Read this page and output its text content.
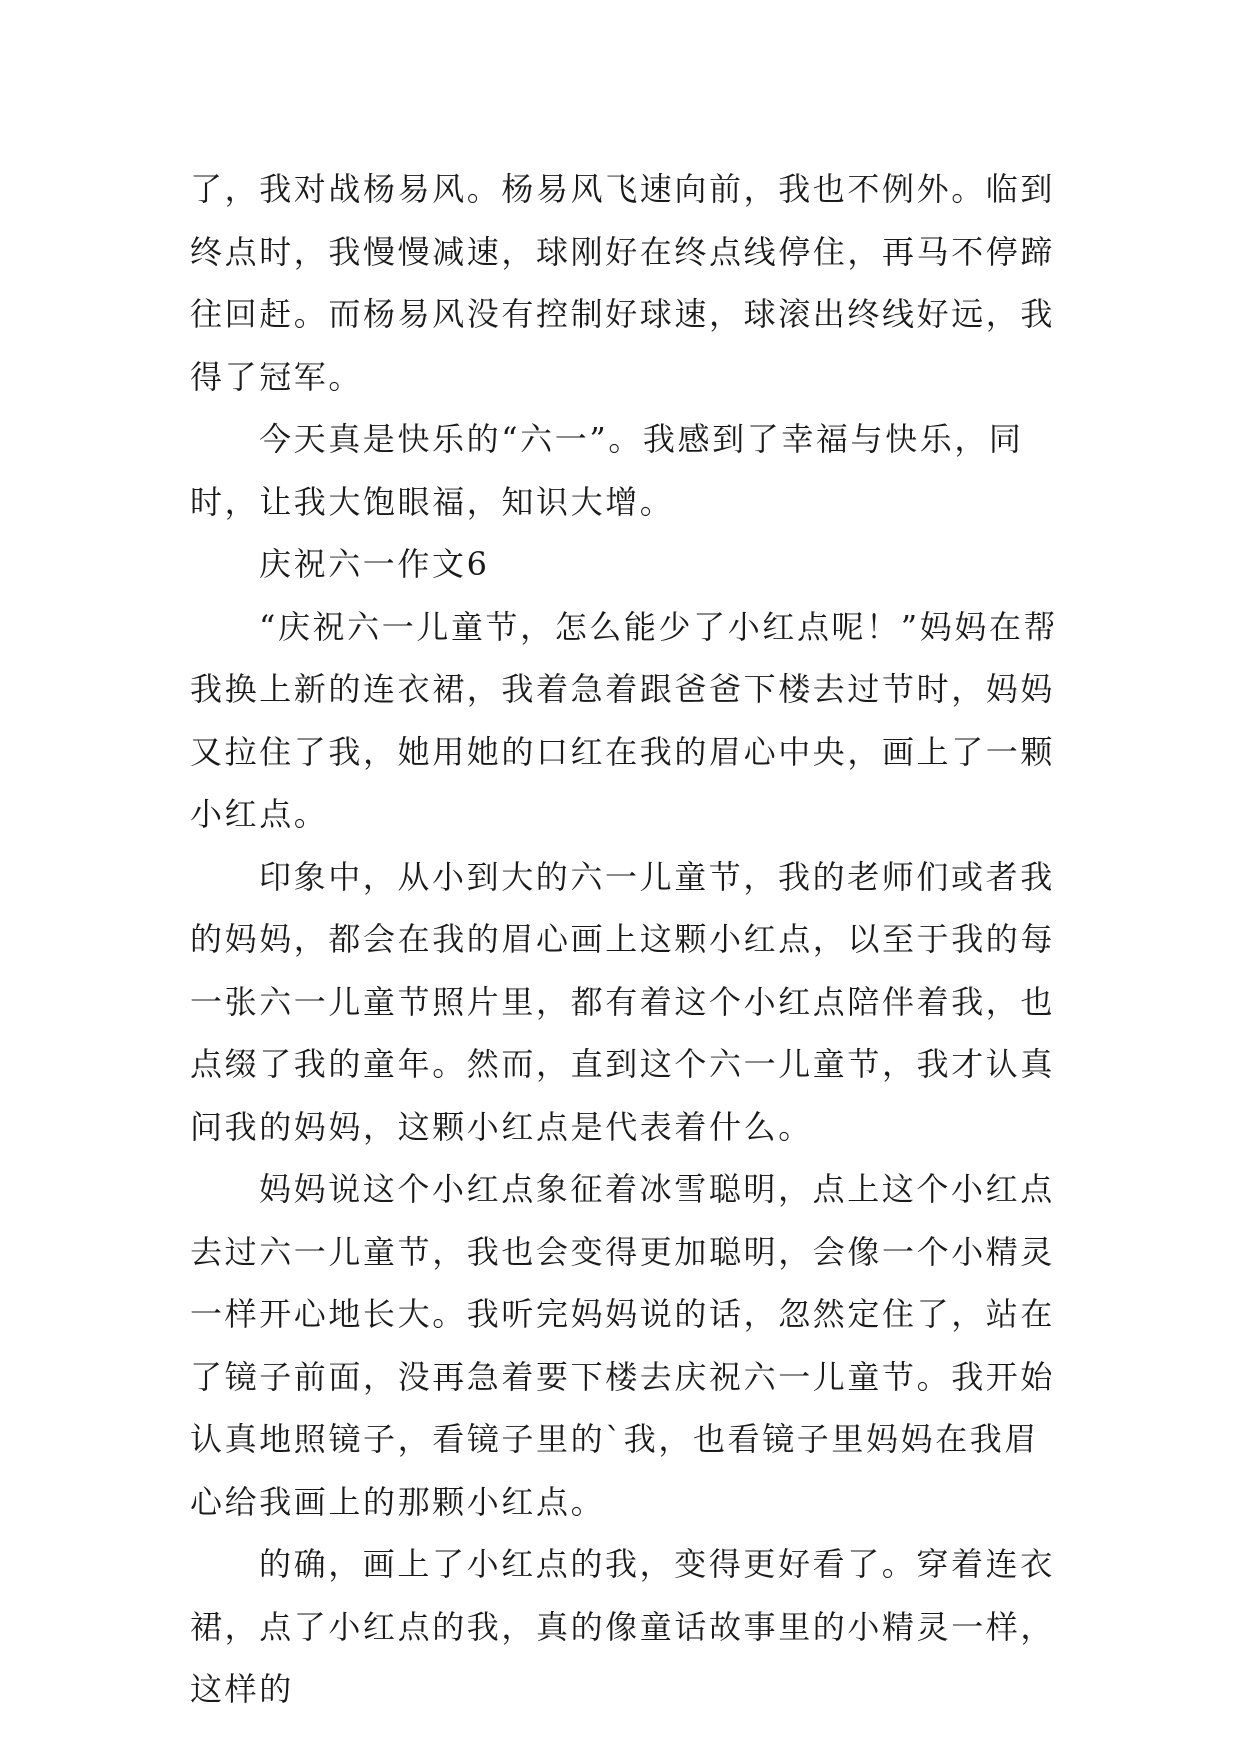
了，我对战杨易风。杨易风飞速向前，我也不例外。临到终点时，我慢慢减速，球刚好在终点线停住，再马不停蹄往回赶。而杨易风没有控制好球速，球滚出终线好远，我得了冠军。

今天真是快乐的“六一”。我感到了幸福与快乐，同时，让我大饱眼福，知识大增。

庆祝六一作文6

“庆祝六一儿童节，怎么能少了小红点呢！”妈妈在帮我换上新的连衣裙，我着急着跟爸爸下楼去过节时，妈妈又拉住了我，她用她的口红在我的眉心中央，画上了一颗小红点。

印象中，从小到大的六一儿童节，我的老师们或者我的妈妈，都会在我的眉心画上这颗小红点，以至于我的每一张六一儿童节照片里，都有着这个小红点陪伴着我，也点缀了我的童年。然而，直到这个六一儿童节，我才认真问我的妈妈，这颗小红点是代表着什么。

妈妈说这个小红点象征着冰雪聪明，点上这个小红点去过六一儿童节，我也会变得更加聪明，会像一个小精灵一样开心地长大。我听完妈妈说的话，忽然定住了，站在了镜子前面，没再急着要下楼去庆祝六一儿童节。我开始认真地照镜子，看镜子里的`我，也看镜子里妈妈在我眉心给我画上的那颗小红点。

的确，画上了小红点的我，变得更好看了。穿着连衣裙，点了小红点的我，真的像童话故事里的小精灵一样，这样的
